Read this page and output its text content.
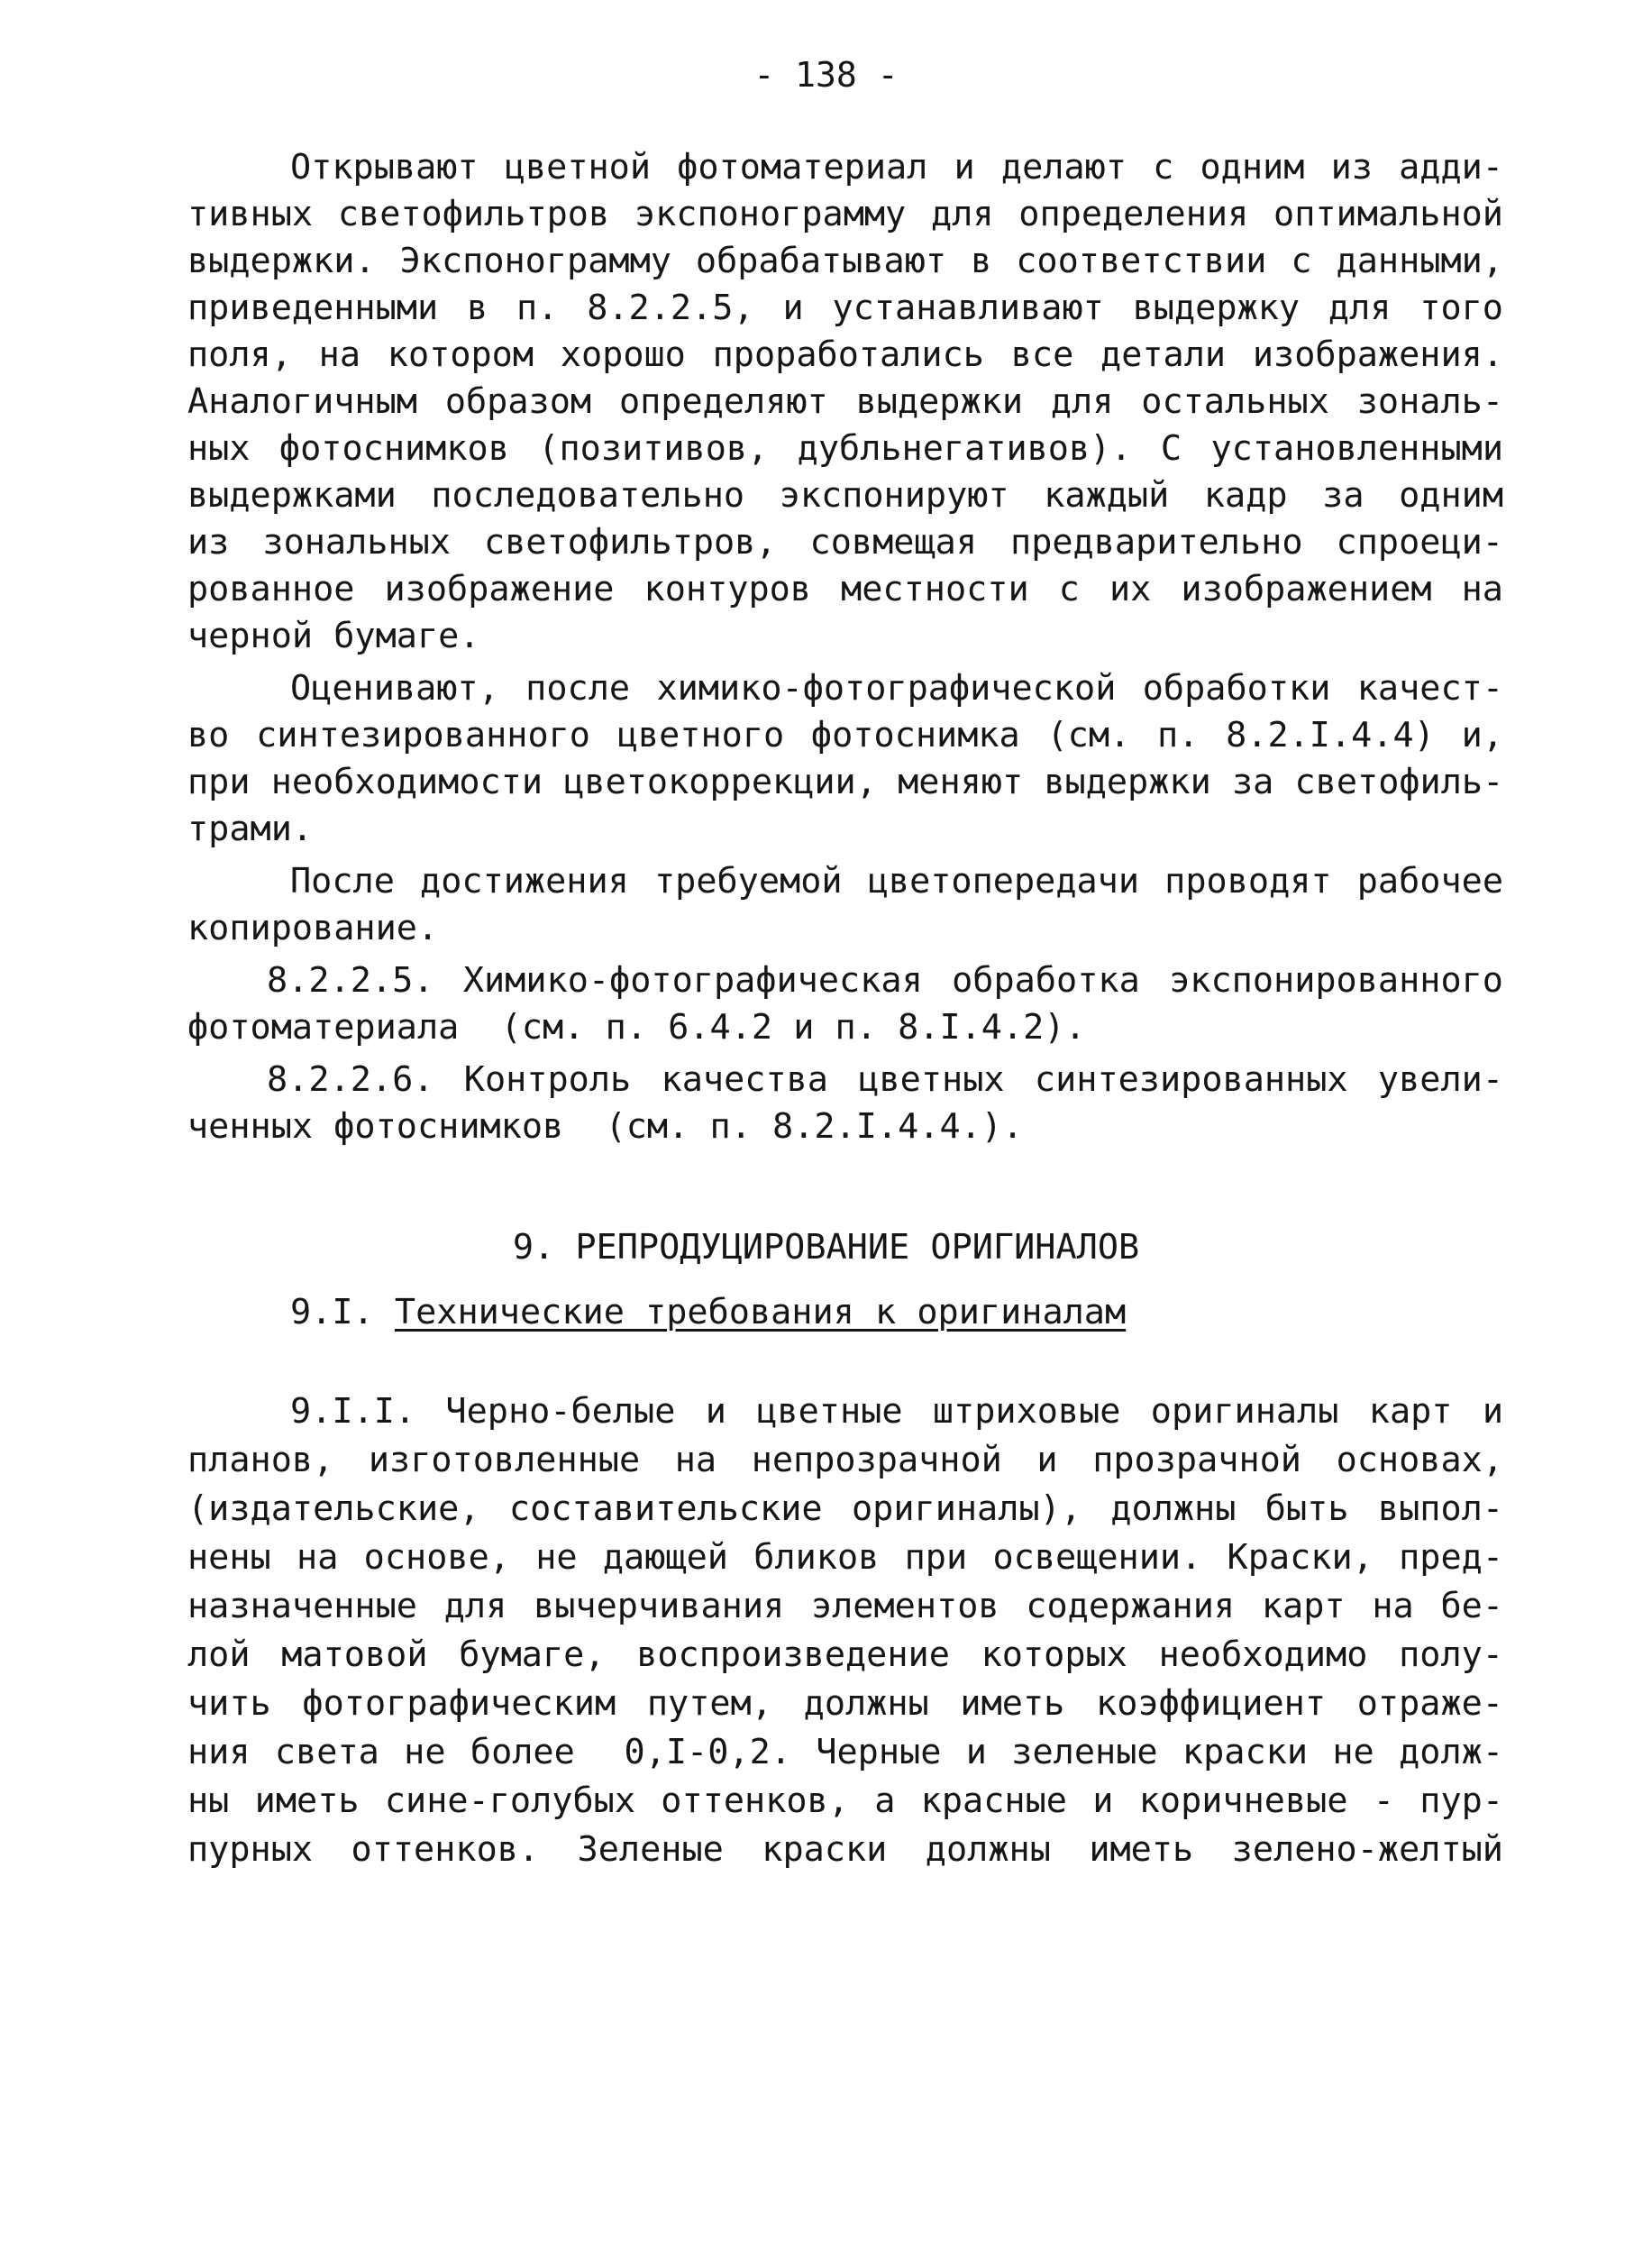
- 138 -
Открывают цветной фотоматериал и делают с одним из адди-
тивных светофильтров экспонограмму для определения оптимальной
выдержки. Экспонограмму обрабатывают в соответствии с данными,
приведенными в п. 8.2.2.5, и устанавливают выдержку для того
поля, на котором хорошо проработались все детали изображения.
Аналогичным образом определяют выдержки для остальных зональ-
ных фотоснимков (позитивов, дубльнегативов). С установленными
выдержками последовательно экспонируют каждый кадр за одним
из зональных светофильтров, совмещая предварительно спроеци-
рованное изображение контуров местности с их изображением на
черной бумаге.
Оценивают, после химико-фотографической обработки качест-
во синтезированного цветного фотоснимка (см. п. 8.2.I.4.4) и,
при необходимости цветокоррекции, меняют выдержки за светофиль-
трами.
После достижения требуемой цветопередачи проводят рабочее
копирование.
8.2.2.5. Химико-фотографическая обработка экспонированного
фотоматериала  (см. п. 6.4.2 и п. 8.I.4.2).
8.2.2.6. Контроль качества цветных синтезированных увели-
ченных фотоснимков  (см. п. 8.2.I.4.4.).
9. РЕПРОДУЦИРОВАНИЕ ОРИГИНАЛОВ
9.I. Технические требования к оригиналам
9.I.I. Черно-белые и цветные штриховые оригиналы карт и
планов, изготовленные на непрозрачной и прозрачной основах,
(издательские, составительские оригиналы), должны быть выпол-
нены на основе, не дающей бликов при освещении. Краски, пред-
назначенные для вычерчивания элементов содержания карт на бе-
лой матовой бумаге, воспроизведение которых необходимо полу-
чить фотографическим путем, должны иметь коэффициент отраже-
ния света не более  0,I-0,2. Черные и зеленые краски не долж-
ны иметь сине-голубых оттенков, а красные и коричневые - пур-
пурных оттенков. Зеленые краски должны иметь зелено-желтый
